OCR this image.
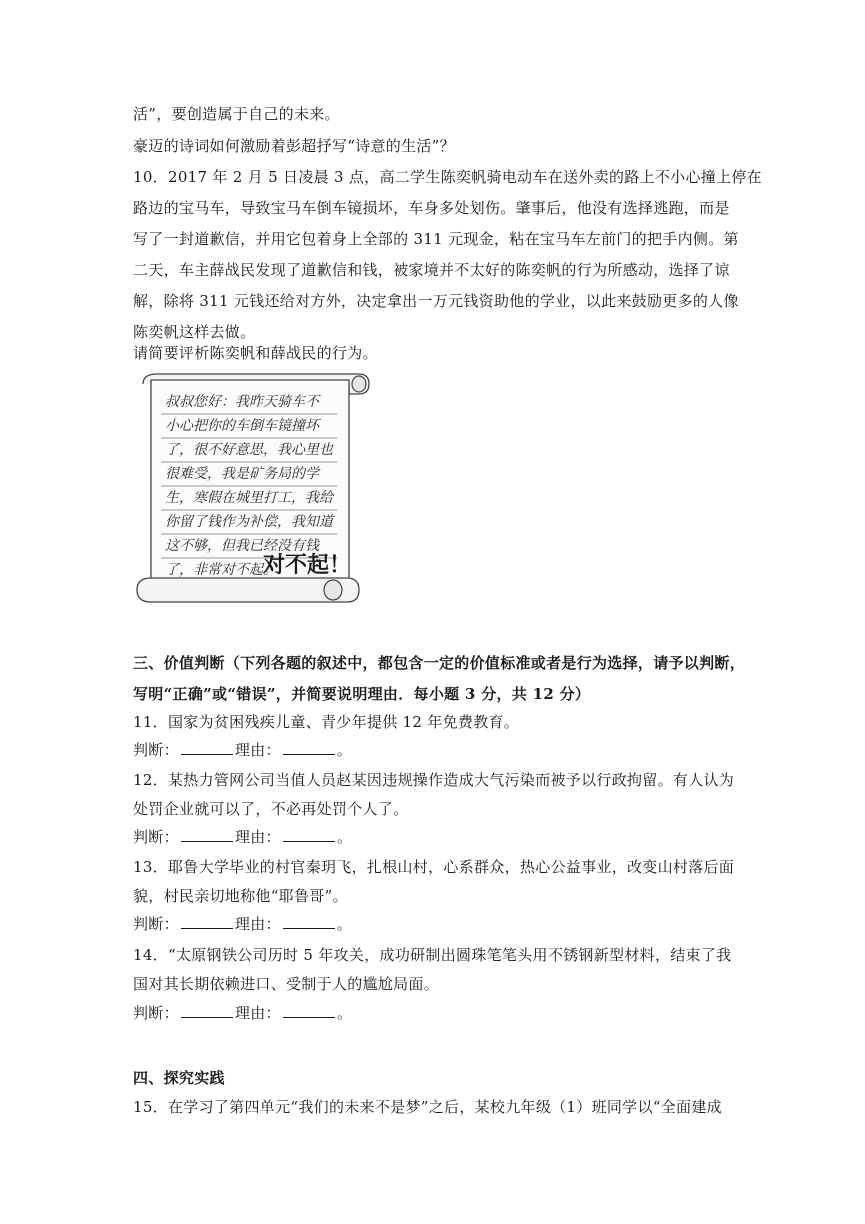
活”，要创造属于自己的未来。

豪迈的诗词如何激励着彭超抒写“诗意的生活”？

10．2017 年 2 月 5 日凌晨 3 点，高二学生陈奕帆骑电动车在送外卖的路上不小心撞上停在

路边的宝马车，导致宝马车倒车镜损坏，车身多处划伤。肇事后，他没有选择逃跑，而是

写了一封道歉信，并用它包着身上全部的 311 元现金，粘在宝马车左前门的把手内侧。第

二天，车主薛战民发现了道歉信和钱，被家境并不太好的陈奕帆的行为所感动，选择了谅

解，除将 311 元钱还给对方外，决定拿出一万元钱资助他的学业，以此来鼓励更多的人像

陈奕帆这样去做。

请简要评析陈奕帆和薛战民的行为。

叔叔您好：我昨天骑车不
小心把你的车倒车镜撞坏
了，很不好意思，我心里也
很难受，我是矿务局的学
生，寒假在城里打工，我给
你留了钱作为补偿，我知道
这不够，但我已经没有钱
了，非常对不起。
对不起！

三、价值判断（下列各题的叙述中，都包含一定的价值标准或者是行为选择，请予以判断，

写明“正确”或“错误”，并简要说明理由．每小题 3 分，共 12 分）

11．国家为贫困残疾儿童、青少年提供 12 年免费教育。

判断：	理由：	。

12．某热力管网公司当值人员赵某因违规操作造成大气污染而被予以行政拘留。有人认为

处罚企业就可以了，不必再处罚个人了。

判断：	理由：	。

13．耶鲁大学毕业的村官秦玥飞，扎根山村，心系群众，热心公益事业，改变山村落后面

貌，村民亲切地称他“耶鲁哥”。

判断：	理由：	。

14．“太原钢铁公司历时 5 年攻关，成功研制出圆珠笔笔头用不锈钢新型材料，结束了我

国对其长期依赖进口、受制于人的尴尬局面。

判断：	理由：	。

四、探究实践

15．在学习了第四单元“我们的未来不是梦”之后，某校九年级（1）班同学以“全面建成
